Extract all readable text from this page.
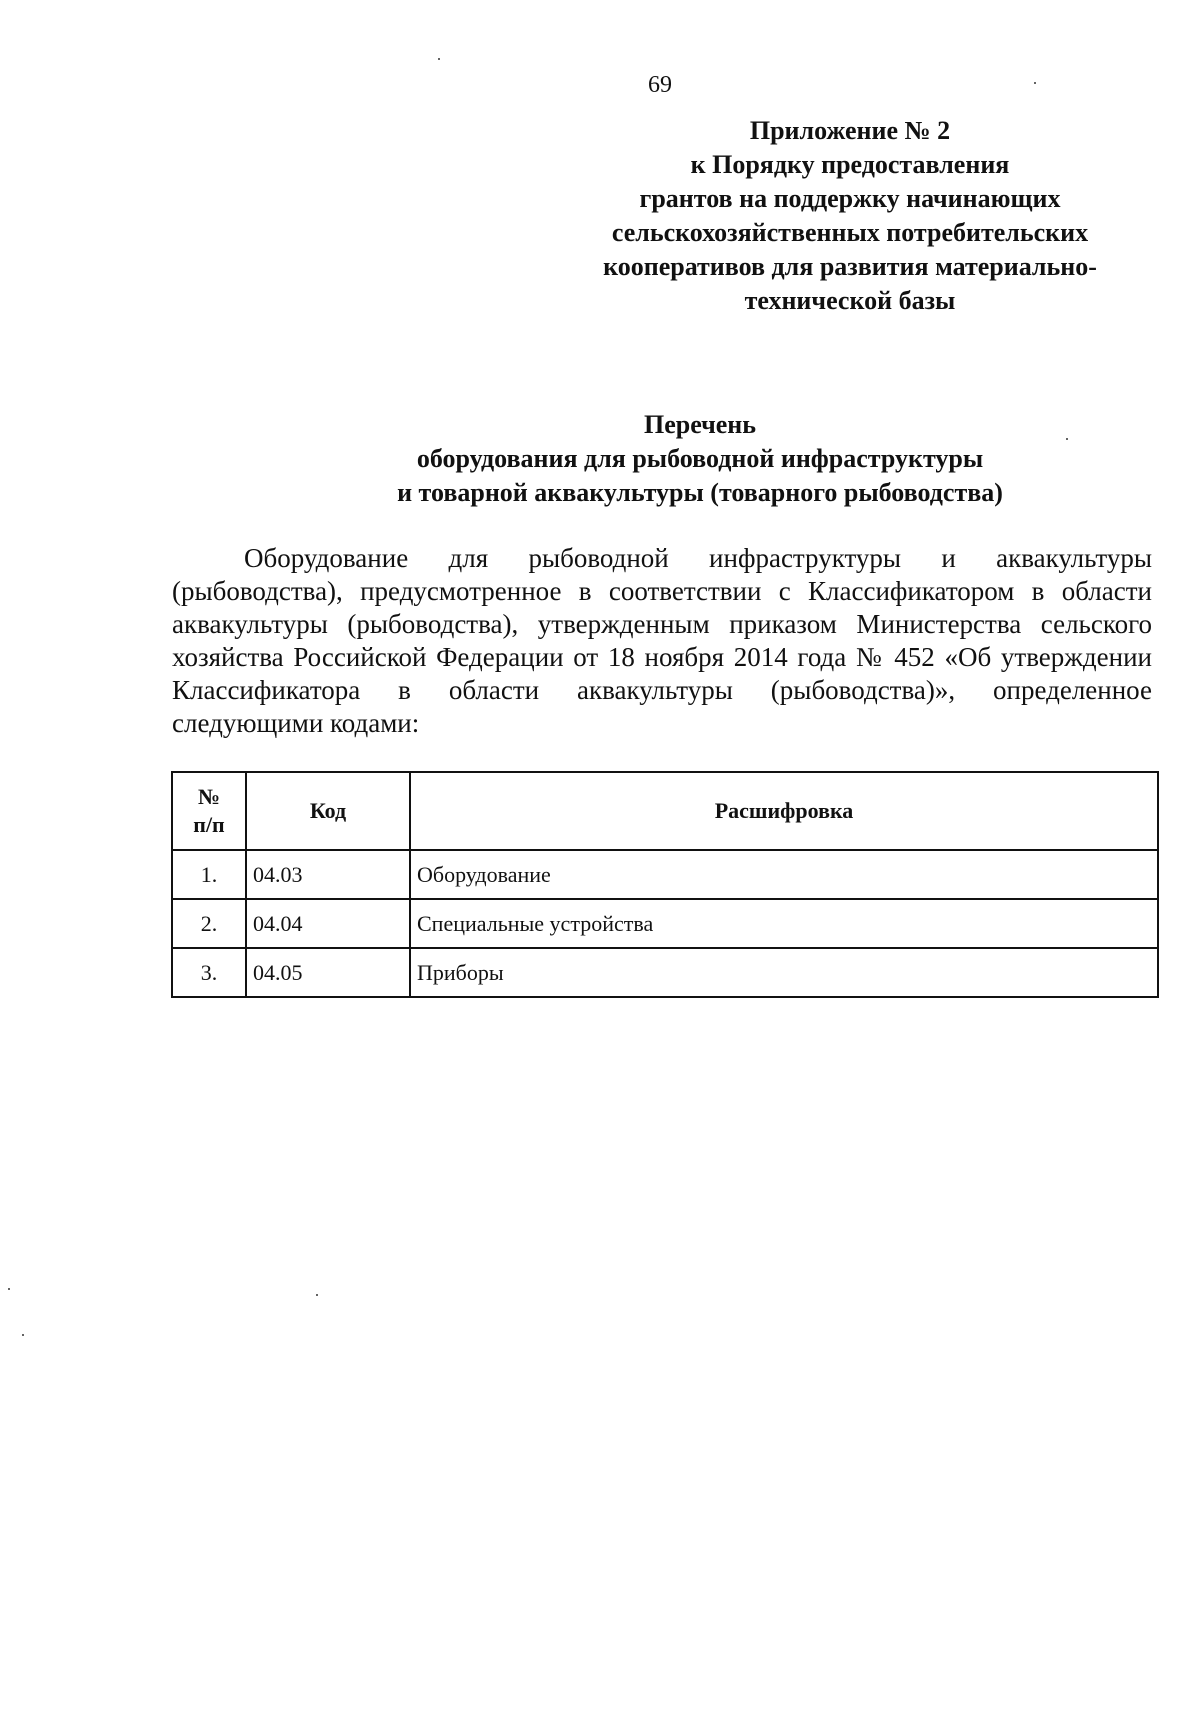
69
Приложение № 2
к Порядку предоставления
грантов на поддержку начинающих
сельскохозяйственных потребительских
кооперативов для развития материально-
технической базы
Перечень
оборудования для рыбоводной инфраструктуры
и товарной аквакультуры (товарного рыбоводства)

Оборудование для рыбоводной инфраструктуры и аквакультуры (рыбоводства), предусмотренное в соответствии с Классификатором в области аквакультуры (рыбоводства), утвержденным приказом Министерства сельского хозяйства Российской Федерации от 18 ноября 2014 года № 452 «Об утверждении Классификатора в области аквакультуры (рыбоводства)», определенное следующими кодами:

№
п/п	Код	Расшифровка
1.	04.03	Оборудование
2.	04.04	Специальные устройства
3.	04.05	Приборы
